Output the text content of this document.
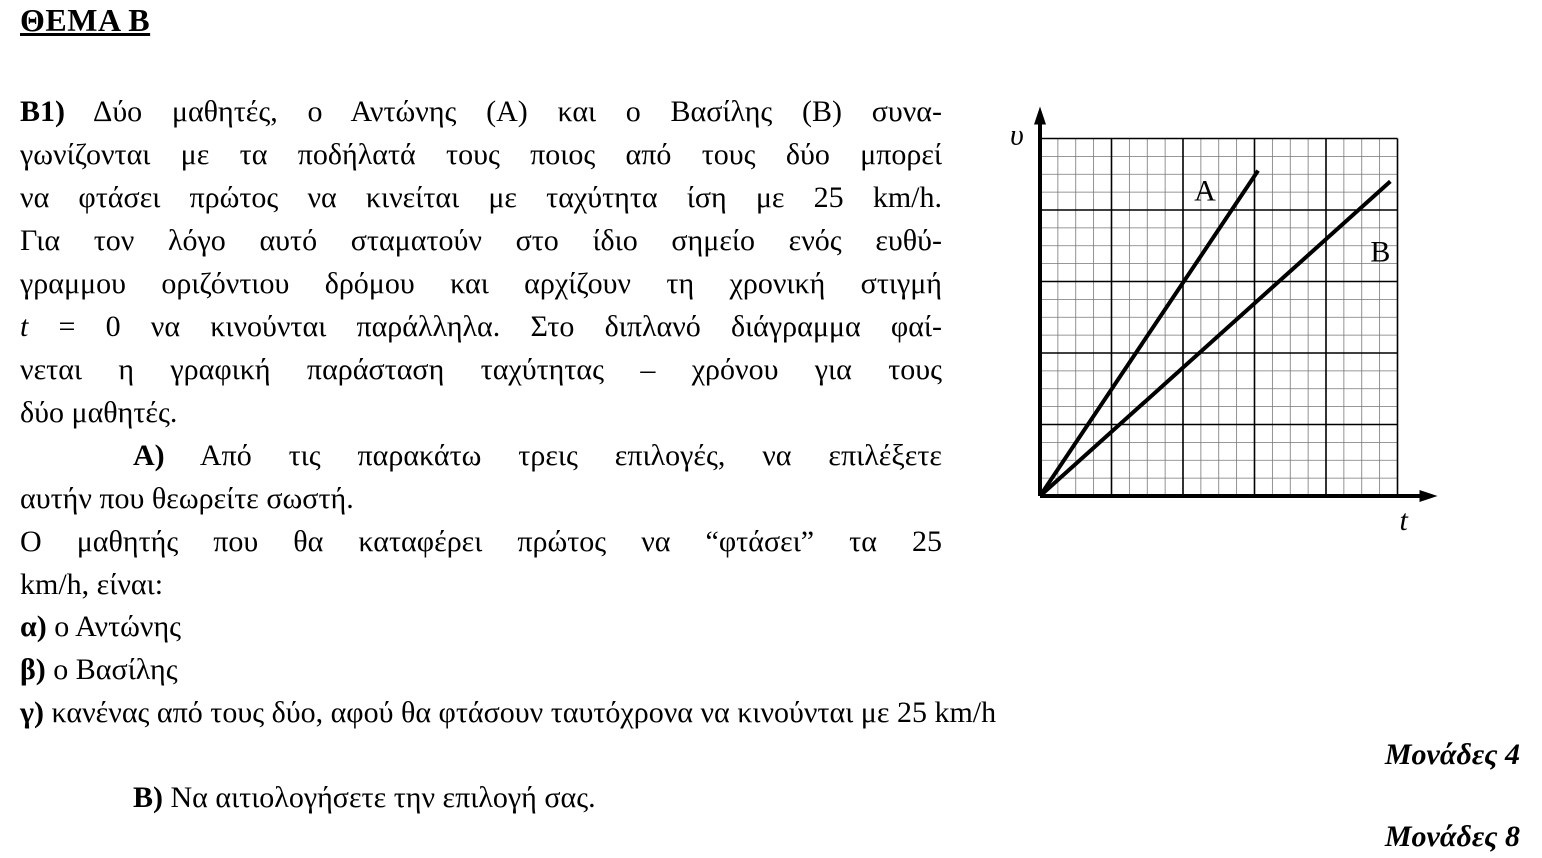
ΘΕΜΑ Β
Β1) Δύο μαθητές, ο Αντώνης (Α) και ο Βασίλης (Β) συνα-
γωνίζονται με τα ποδήλατά τους ποιος από τους δύο μπορεί
να φτάσει πρώτος να κινείται με ταχύτητα ίση με 25 km/h.
Για τον λόγο αυτό σταματούν στο ίδιο σημείο ενός ευθύ-
γραμμου οριζόντιου δρόμου και αρχίζουν τη χρονική στιγμή
t = 0 να κινούνται παράλληλα. Στο διπλανό διάγραμμα φαί-
νεται η γραφική παράσταση ταχύτητας – χρόνου για τους
δύο μαθητές.
Α) Από τις παρακάτω τρεις επιλογές, να επιλέξετε
αυτήν που θεωρείτε σωστή.
Ο μαθητής που θα καταφέρει πρώτος να “φτάσει” τα 25
km/h, είναι:
α) ο Αντώνης
β) ο Βασίλης
γ) κανένας από τους δύο, αφού θα φτάσουν ταυτόχρονα να κινούνται με 25 km/h
Μονάδες 4
Β) Να αιτιολογήσετε την επιλογή σας.
Μονάδες 8
Α
Β
υ
t
